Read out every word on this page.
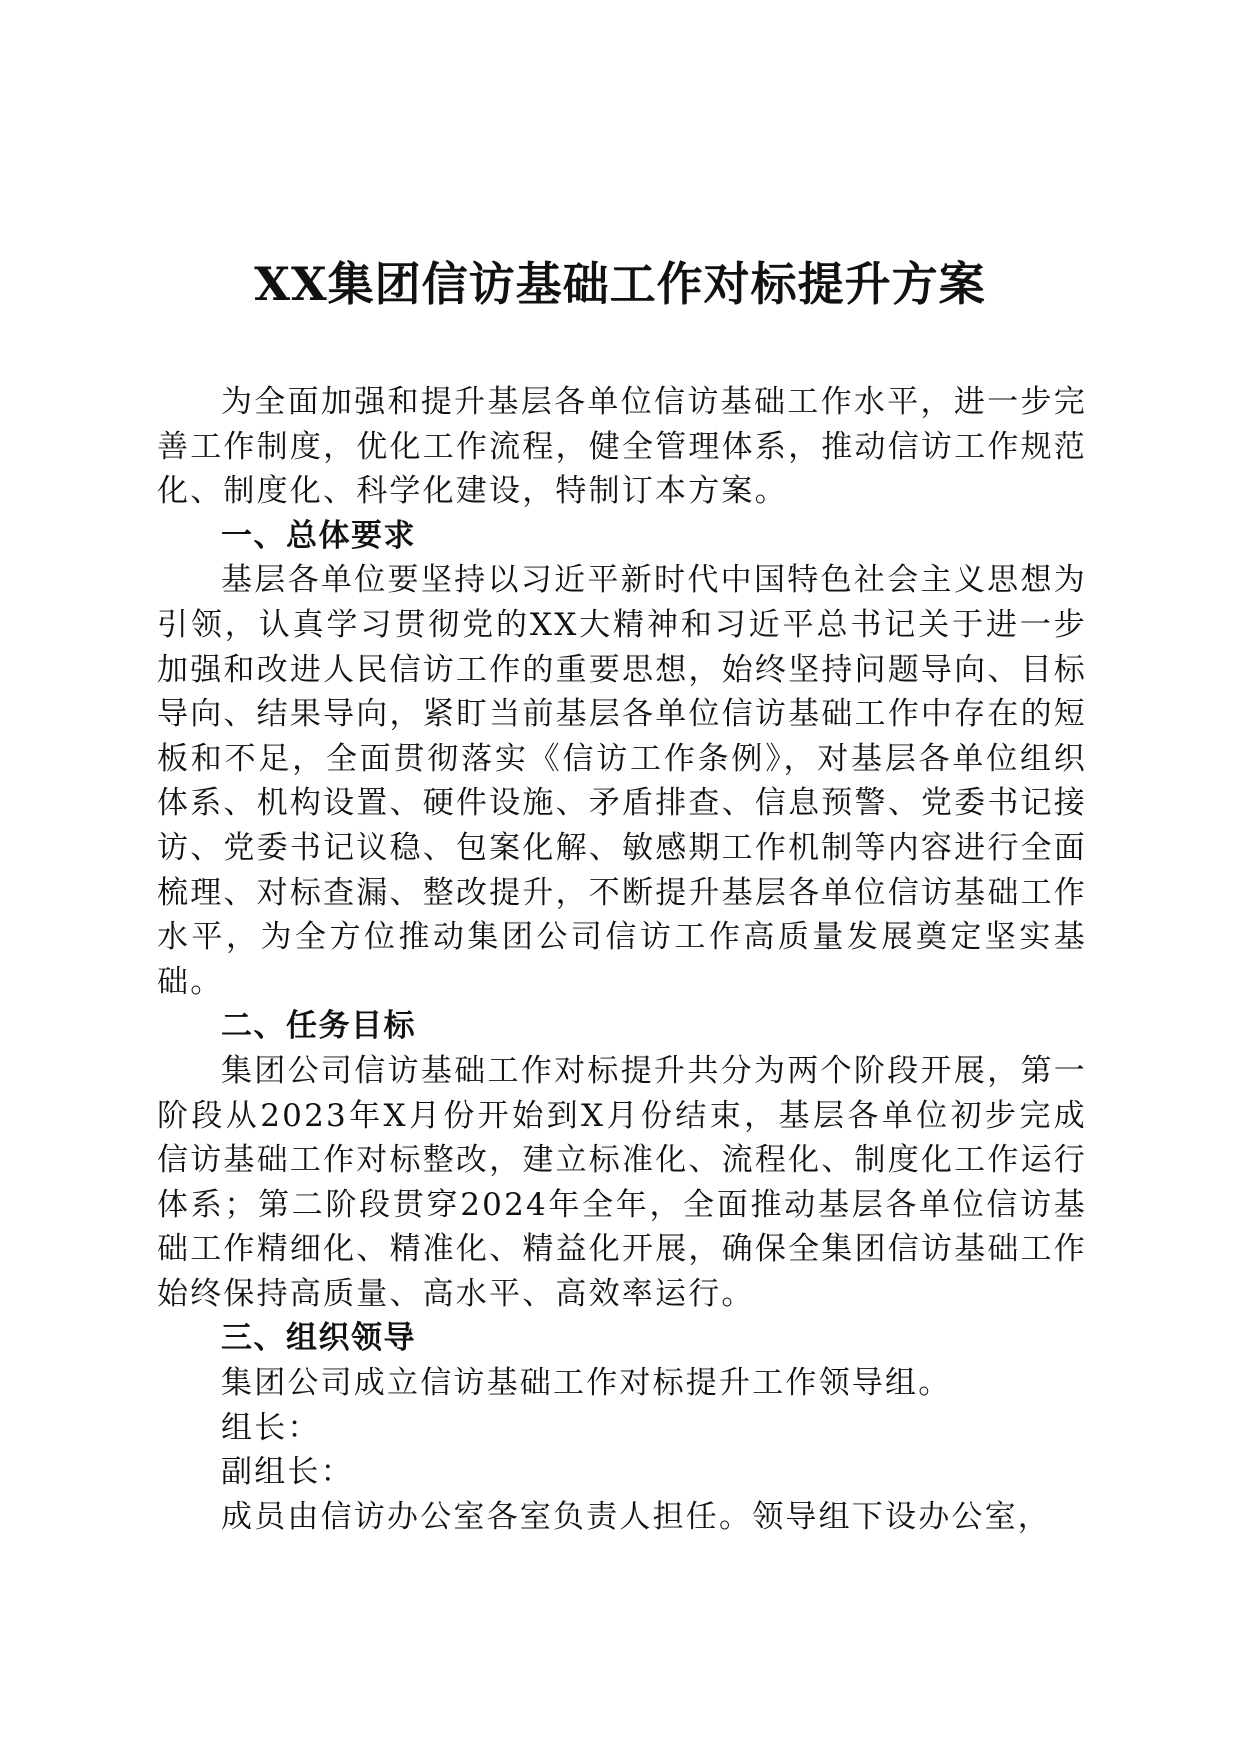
XX集团信访基础工作对标提升方案

为全面加强和提升基层各单位信访基础工作水平，进一步完善工作制度，优化工作流程，健全管理体系，推动信访工作规范化、制度化、科学化建设，特制订本方案。

一、总体要求

基层各单位要坚持以习近平新时代中国特色社会主义思想为引领，认真学习贯彻党的XX大精神和习近平总书记关于进一步加强和改进人民信访工作的重要思想，始终坚持问题导向、目标导向、结果导向，紧盯当前基层各单位信访基础工作中存在的短板和不足，全面贯彻落实《信访工作条例》，对基层各单位组织体系、机构设置、硬件设施、矛盾排查、信息预警、党委书记接访、党委书记议稳、包案化解、敏感期工作机制等内容进行全面梳理、对标查漏、整改提升，不断提升基层各单位信访基础工作水平，为全方位推动集团公司信访工作高质量发展奠定坚实基础。

二、任务目标

集团公司信访基础工作对标提升共分为两个阶段开展，第一阶段从2023年X月份开始到X月份结束，基层各单位初步完成信访基础工作对标整改，建立标准化、流程化、制度化工作运行体系；第二阶段贯穿2024年全年，全面推动基层各单位信访基础工作精细化、精准化、精益化开展，确保全集团信访基础工作始终保持高质量、高水平、高效率运行。

三、组织领导

集团公司成立信访基础工作对标提升工作领导组。

组长：

副组长：

成员由信访办公室各室负责人担任。领导组下设办公室，
